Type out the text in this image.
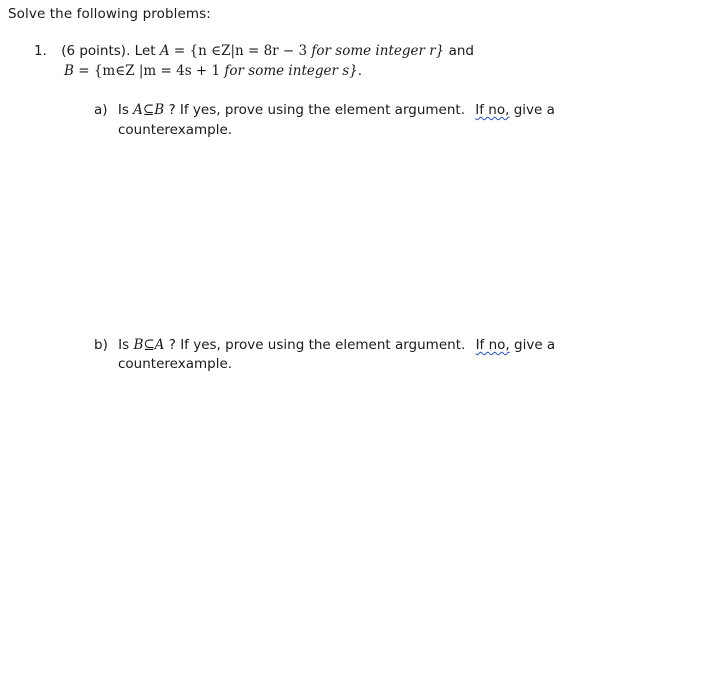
Solve the following problems:
1. (6 points). Let A = {n ∈Z|n = 8r − 3 for some integer r} and
B = {m∈Z |m = 4s + 1 for some integer s}.
a) Is A⊆B ? If yes, prove using the element argument. If no, give a
counterexample.
b) Is B⊆A ? If yes, prove using the element argument. If no, give a
counterexample.
